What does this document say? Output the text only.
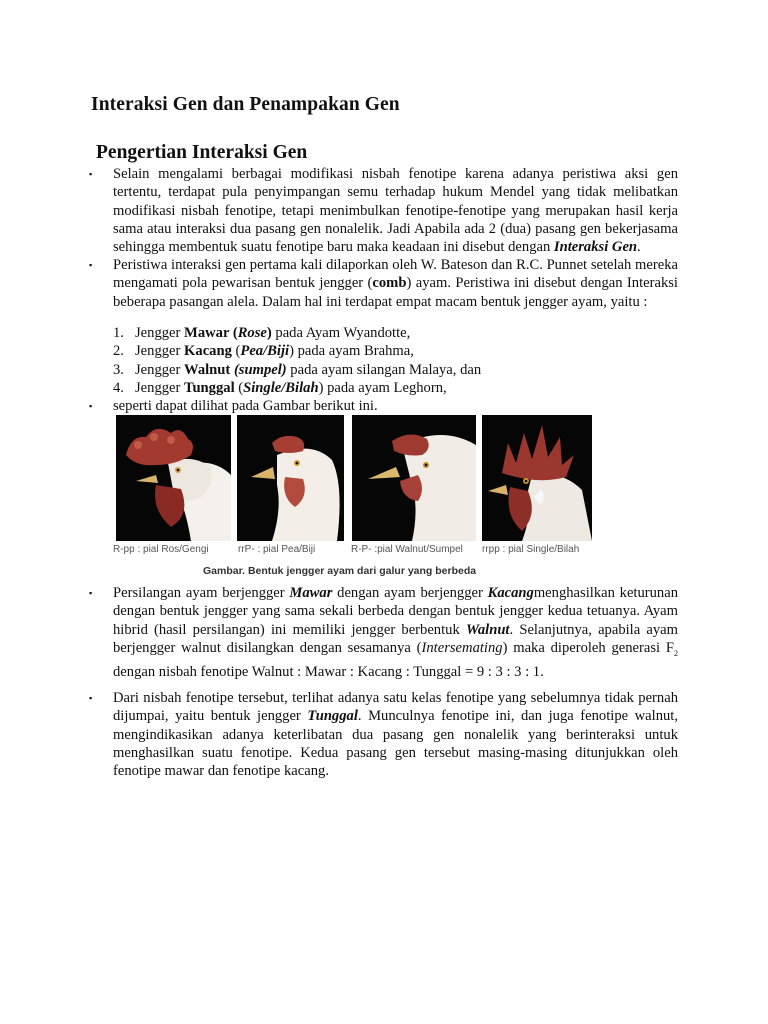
Interaksi Gen dan Penampakan Gen
Pengertian Interaksi Gen
▪ Selain mengalami berbagai modifikasi nisbah fenotipe karena adanya peristiwa aksi gen tertentu, terdapat pula penyimpangan semu terhadap hukum Mendel yang tidak melibatkan modifikasi nisbah fenotipe, tetapi menimbulkan fenotipe-fenotipe yang merupakan hasil kerja sama atau interaksi dua pasang gen nonalelik. Jadi Apabila ada 2 (dua) pasang gen bekerjasama sehingga membentuk suatu fenotipe baru maka keadaan ini disebut dengan Interaksi Gen.

▪ Peristiwa interaksi gen pertama kali dilaporkan oleh W. Bateson dan R.C. Punnet setelah mereka mengamati pola pewarisan bentuk jengger (comb) ayam. Peristiwa ini disebut dengan Interaksi beberapa pasangan alela. Dalam hal ini terdapat empat macam bentuk jengger ayam, yaitu :

1. Jengger Mawar (Rose) pada Ayam Wyandotte,
2. Jengger Kacang (Pea/Biji) pada ayam Brahma,
3. Jengger Walnut (sumpel) pada ayam silangan Malaya, dan
4. Jengger Tunggal (Single/Bilah) pada ayam Leghorn,
▪ seperti dapat dilihat pada Gambar berikut ini.

R-pp : pial Ros/Gengi	rrP- : pial Pea/Biji	R-P- :pial Walnut/Sumpel rrpp : pial Single/Bilah
Gambar. Bentuk jengger ayam dari galur yang berbeda
▪ Persilangan ayam berjengger Mawar dengan ayam berjengger Kacangmenghasilkan keturunan dengan bentuk jengger yang sama sekali berbeda dengan bentuk jengger kedua tetuanya. Ayam hibrid (hasil persilangan) ini memiliki jengger berbentuk Walnut. Selanjutnya, apabila ayam berjengger walnut disilangkan dengan sesamanya (Intersemating) maka diperoleh generasi $F_2$ dengan nisbah fenotipe Walnut : Mawar : Kacang : Tunggal = 9 : 3 : 3 : 1.

▪ Dari nisbah fenotipe tersebut, terlihat adanya satu kelas fenotipe yang sebelumnya tidak pernah dijumpai, yaitu bentuk jengger Tunggal. Munculnya fenotipe ini, dan juga fenotipe walnut, mengindikasikan adanya keterlibatan dua pasang gen nonalelik yang berinteraksi untuk menghasilkan suatu fenotipe. Kedua pasang gen tersebut masing-masing ditunjukkan oleh fenotipe mawar dan fenotipe kacang.
